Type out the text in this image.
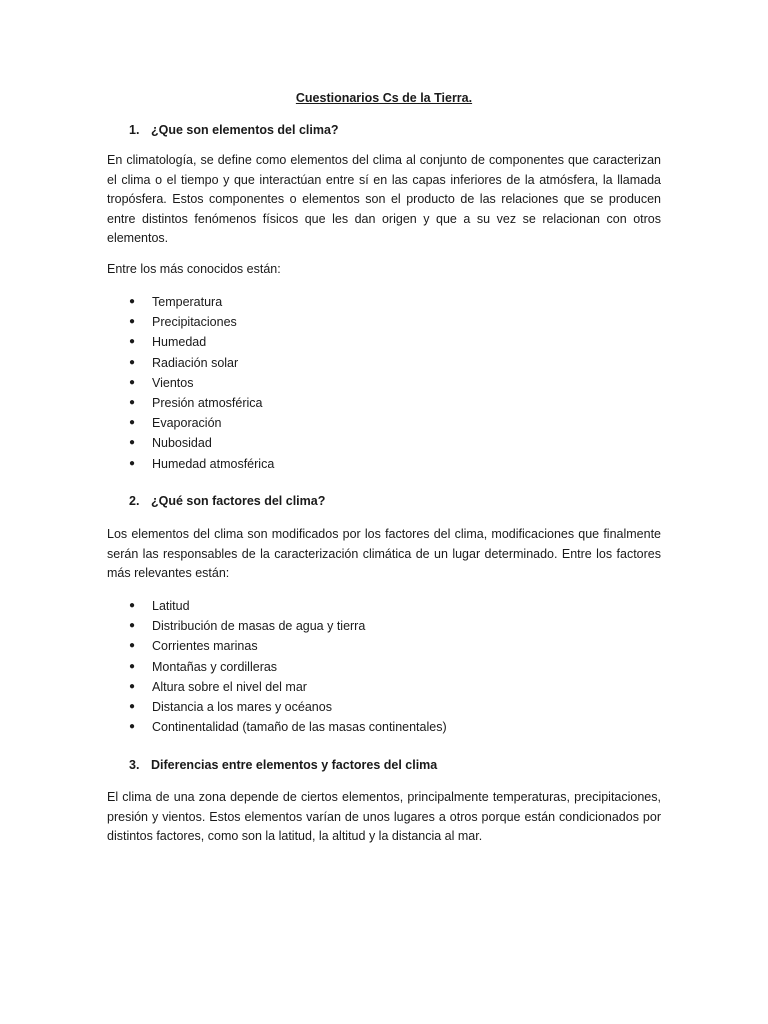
Cuestionarios Cs de la Tierra.
1. ¿Que son elementos del clima?

En climatología, se define como elementos del clima al conjunto de componentes que caracterizan el clima o el tiempo y que interactúan entre sí en las capas inferiores de la atmósfera, la llamada tropósfera. Estos componentes o elementos son el producto de las relaciones que se producen entre distintos fenómenos físicos que les dan origen y que a su vez se relacionan con otros elementos.

Entre los más conocidos están:

● Temperatura
● Precipitaciones
● Humedad
● Radiación solar
● Vientos
● Presión atmosférica
● Evaporación
● Nubosidad
● Humedad atmosférica
2. ¿Qué son factores del clima?

Los elementos del clima son modificados por los factores del clima, modificaciones que finalmente serán las responsables de la caracterización climática de un lugar determinado. Entre los factores más relevantes están:

● Latitud
● Distribución de masas de agua y tierra
● Corrientes marinas
● Montañas y cordilleras
● Altura sobre el nivel del mar
● Distancia a los mares y océanos
● Continentalidad (tamaño de las masas continentales)
3. Diferencias entre elementos y factores del clima

El clima de una zona depende de ciertos elementos, principalmente temperaturas, precipitaciones, presión y vientos. Estos elementos varían de unos lugares a otros porque están condicionados por distintos factores, como son la latitud, la altitud y la distancia al mar.
